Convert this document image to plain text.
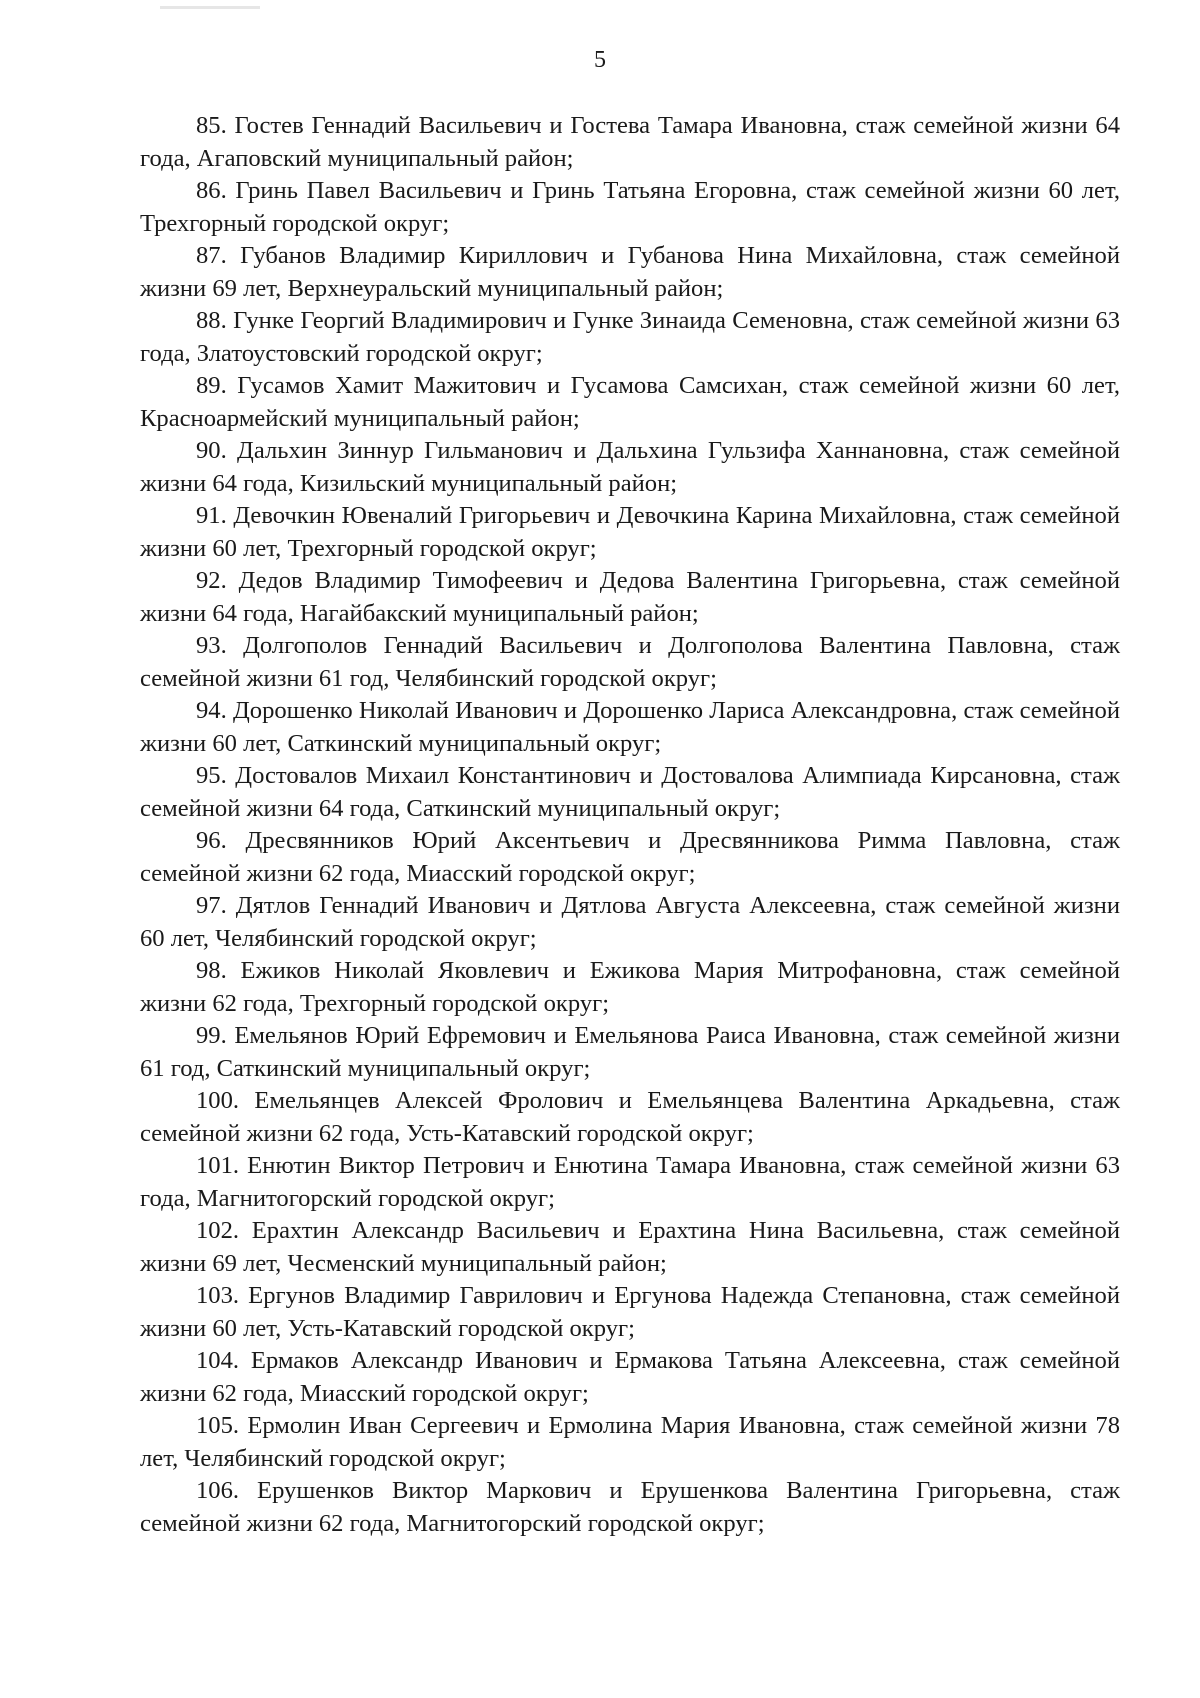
5
85. Гостев Геннадий Васильевич и Гостева Тамара Ивановна, стаж семейной жизни 64 года, Агаповский муниципальный район;
86. Гринь Павел Васильевич и Гринь Татьяна Егоровна, стаж семейной жизни 60 лет, Трехгорный городской округ;
87. Губанов Владимир Кириллович и Губанова Нина Михайловна, стаж семейной жизни 69 лет, Верхнеуральский муниципальный район;
88. Гунке Георгий Владимирович и Гунке Зинаида Семеновна, стаж семейной жизни 63 года, Златоустовский городской округ;
89. Гусамов Хамит Мажитович и Гусамова Самсихан, стаж семейной жизни 60 лет, Красноармейский муниципальный район;
90. Дальхин Зиннур Гильманович и Дальхина Гульзифа Ханнановна, стаж семейной жизни 64 года, Кизильский муниципальный район;
91. Девочкин Ювеналий Григорьевич и Девочкина Карина Михайловна, стаж семейной жизни 60 лет, Трехгорный городской округ;
92. Дедов Владимир Тимофеевич и Дедова Валентина Григорьевна, стаж семейной жизни 64 года, Нагайбакский муниципальный район;
93. Долгополов Геннадий Васильевич и Долгополова Валентина Павловна, стаж семейной жизни 61 год, Челябинский городской округ;
94. Дорошенко Николай Иванович и Дорошенко Лариса Александровна, стаж семейной жизни 60 лет, Саткинский муниципальный округ;
95. Достовалов Михаил Константинович и Достовалова Алимпиада Кирсановна, стаж семейной жизни 64 года, Саткинский муниципальный округ;
96. Дресвянников Юрий Аксентьевич и Дресвянникова Римма Павловна, стаж семейной жизни 62 года, Миасский городской округ;
97. Дятлов Геннадий Иванович и Дятлова Августа Алексеевна, стаж семейной жизни 60 лет, Челябинский городской округ;
98. Ежиков Николай Яковлевич и Ежикова Мария Митрофановна, стаж семейной жизни 62 года, Трехгорный городской округ;
99. Емельянов Юрий Ефремович и Емельянова Раиса Ивановна, стаж семейной жизни 61 год, Саткинский муниципальный округ;
100. Емельянцев Алексей Фролович и Емельянцева Валентина Аркадьевна, стаж семейной жизни 62 года, Усть-Катавский городской округ;
101. Енютин Виктор Петрович и Енютина Тамара Ивановна, стаж семейной жизни 63 года, Магнитогорский городской округ;
102. Ерахтин Александр Васильевич и Ерахтина Нина Васильевна, стаж семейной жизни 69 лет, Чесменский муниципальный район;
103. Ергунов Владимир Гаврилович и Ергунова Надежда Степановна, стаж семейной жизни 60 лет, Усть-Катавский городской округ;
104. Ермаков Александр Иванович и Ермакова Татьяна Алексеевна, стаж семейной жизни 62 года, Миасский городской округ;
105. Ермолин Иван Сергеевич и Ермолина Мария Ивановна, стаж семейной жизни 78 лет, Челябинский городской округ;
106. Ерушенков Виктор Маркович и Ерушенкова Валентина Григорьевна, стаж семейной жизни 62 года, Магнитогорский городской округ;
